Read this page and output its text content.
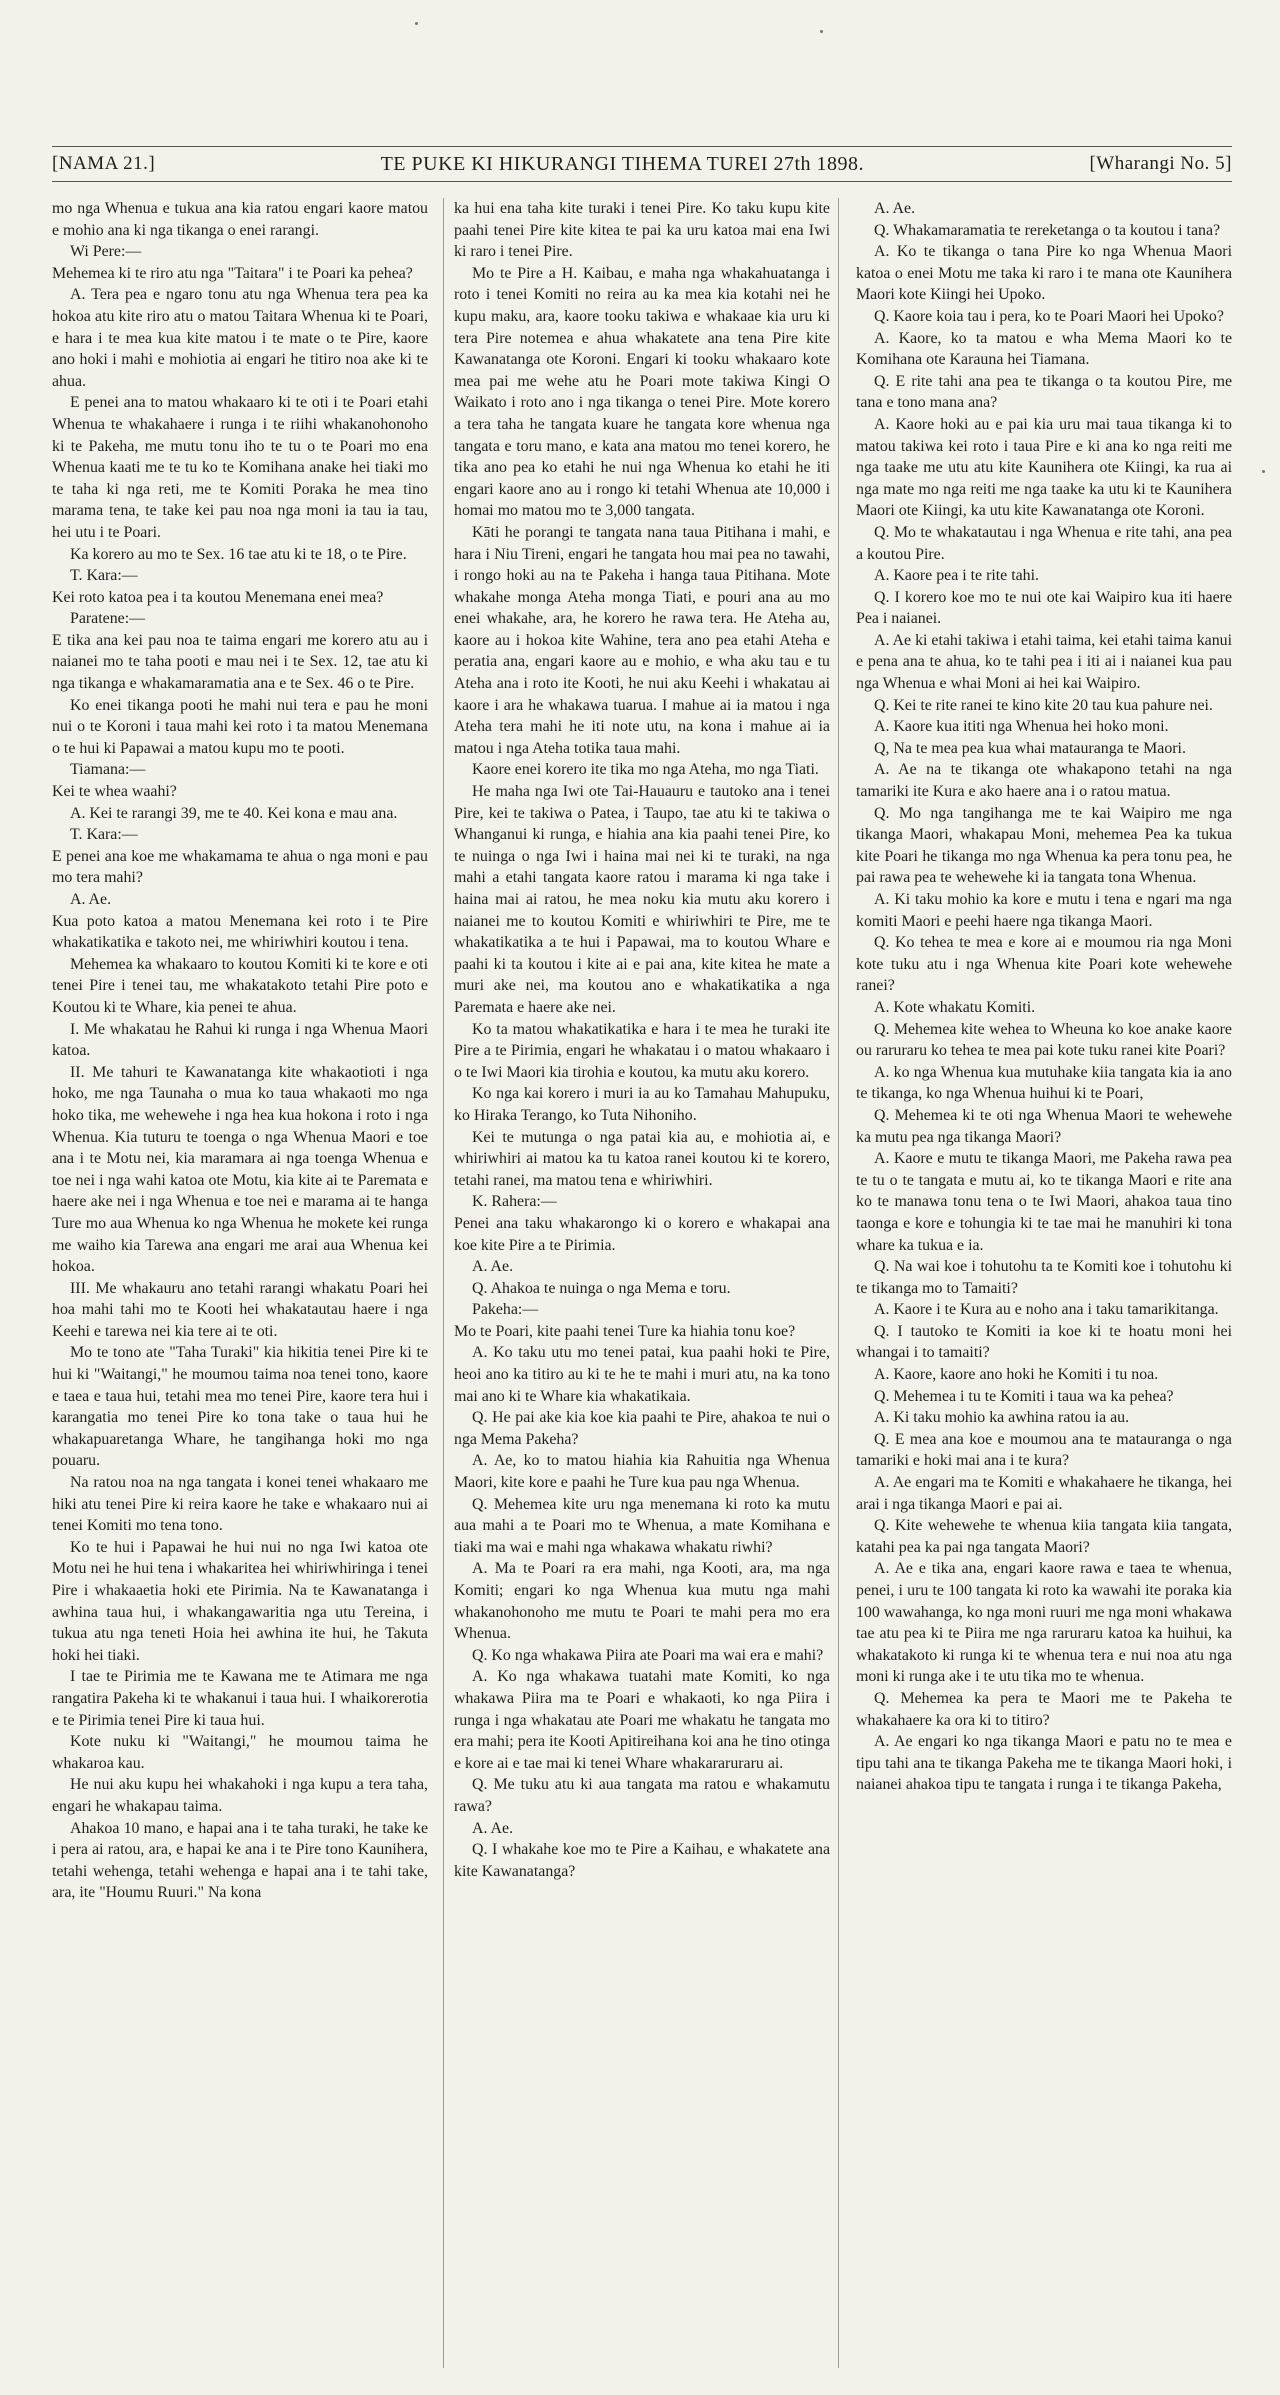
[NAMA 21.]	TE PUKE KI HIKURANGI TIHEMA TUREI 27th 1898.	[Wharangi No. 5]

mo nga Whenua e tukua ana kia ratou engari kaore matou e mohio ana ki nga tikanga o enei rarangi.

Wi Pere:—

Mehemea ki te riro atu nga "Taitara" i te Poari ka pehea?

A. Tera pea e ngaro tonu atu nga Whenua tera pea ka hokoa atu kite riro atu o matou Taitara Whenua ki te Poari, e hara i te mea kua kite matou i te mate o te Pire, kaore ano hoki i mahi e mohiotia ai engari he titiro noa ake ki te ahua.

E penei ana to matou whakaaro ki te oti i te Poari etahi Whenua te whakahaere i runga i te riihi whakanohonoho ki te Pakeha, me mutu tonu iho te tu o te Poari mo ena Whenua kaati me te tu ko te Komihana anake hei tiaki mo te taha ki nga reti, me te Komiti Poraka he mea tino marama tena, te take kei pau noa nga moni ia tau ia tau, hei utu i te Poari.

Ka korero au mo te Sex. 16 tae atu ki te 18, o te Pire.

T. Kara:—

Kei roto katoa pea i ta koutou Menemana enei mea?

Paratene:—

E tika ana kei pau noa te taima engari me korero atu au i naianei mo te taha pooti e mau nei i te Sex. 12, tae atu ki nga tikanga e whakamaramatia ana e te Sex. 46 o te Pire.

Ko enei tikanga pooti he mahi nui tera e pau he moni nui o te Koroni i taua mahi kei roto i ta matou Menemana o te hui ki Papawai a matou kupu mo te pooti.

Tiamana:—

Kei te whea waahi?

A. Kei te rarangi 39, me te 40. Kei kona e mau ana.

T. Kara:—

E penei ana koe me whakamama te ahua o nga moni e pau mo tera mahi?

A. Ae.

Kua poto katoa a matou Menemana kei roto i te Pire whakatikatika e takoto nei, me whiriwhiri koutou i tena.

Mehemea ka whakaaro to koutou Komiti ki te kore e oti tenei Pire i tenei tau, me whakatakoto tetahi Pire poto e Koutou ki te Whare, kia penei te ahua.

I. Me whakatau he Rahui ki runga i nga Whenua Maori katoa.

II. Me tahuri te Kawanatanga kite whakaotioti i nga hoko, me nga Taunaha o mua ko taua whakaoti mo nga hoko tika, me wehewehe i nga hea kua hokona i roto i nga Whenua. Kia tuturu te toenga o nga Whenua Maori e toe ana i te Motu nei, kia maramara ai nga toenga Whenua e toe nei i nga wahi katoa ote Motu, kia kite ai te Paremata e haere ake nei i nga Whenua e toe nei e marama ai te hanga Ture mo aua Whenua ko nga Whenua he mokete kei runga me waiho kia Tarewa ana engari me arai aua Whenua kei hokoa.

III. Me whakauru ano tetahi rarangi whakatu Poari hei hoa mahi tahi mo te Kooti hei whakatautau haere i nga Keehi e tarewa nei kia tere ai te oti.

Mo te tono ate "Taha Turaki" kia hikitia tenei Pire ki te hui ki "Waitangi," he moumou taima noa tenei tono, kaore e taea e taua hui, tetahi mea mo tenei Pire, kaore tera hui i karangatia mo tenei Pire ko tona take o taua hui he whakapuaretanga Whare, he tangihanga hoki mo nga pouaru.

Na ratou noa na nga tangata i konei tenei whakaaro me hiki atu tenei Pire ki reira kaore he take e whakaaro nui ai tenei Komiti mo tena tono.

Ko te hui i Papawai he hui nui no nga Iwi katoa ote Motu nei he hui tena i whakaritea hei whiriwhiringa i tenei Pire i whakaaetia hoki ete Pirimia. Na te Kawanatanga i awhina taua hui, i whakangawaritia nga utu Tereina, i tukua atu nga teneti Hoia hei awhina ite hui, he Takuta hoki hei tiaki.

I tae te Pirimia me te Kawana me te Atimara me nga rangatira Pakeha ki te whakanui i taua hui. I whaikorerotia e te Pirimia tenei Pire ki taua hui.

Kote nuku ki "Waitangi," he moumou taima he whakaroa kau.

He nui aku kupu hei whakahoki i nga kupu a tera taha, engari he whakapau taima.

Ahakoa 10 mano, e hapai ana i te taha turaki, he take ke i pera ai ratou, ara, e hapai ke ana i te Pire tono Kaunihera, tetahi wehenga, tetahi wehenga e hapai ana i te tahi take, ara, ite "Houmu Ruuri." Na kona

ka hui ena taha kite turaki i tenei Pire. Ko taku kupu kite paahi tenei Pire kite kitea te pai ka uru katoa mai ena Iwi ki raro i tenei Pire.

Mo te Pire a H. Kaibau, e maha nga whakahuatanga i roto i tenei Komiti no reira au ka mea kia kotahi nei he kupu maku, ara, kaore tooku takiwa e whakaae kia uru ki tera Pire notemea e ahua whakatete ana tena Pire kite Kawanatanga ote Koroni. Engari ki tooku whakaaro kote mea pai me wehe atu he Poari mote takiwa Kingi O Waikato i roto ano i nga tikanga o tenei Pire. Mote korero a tera taha he tangata kuare he tangata kore whenua nga tangata e toru mano, e kata ana matou mo tenei korero, he tika ano pea ko etahi he nui nga Whenua ko etahi he iti engari kaore ano au i rongo ki tetahi Whenua ate 10,000 i homai mo matou mo te 3,000 tangata.

Kāti he porangi te tangata nana taua Pitihana i mahi, e hara i Niu Tireni, engari he tangata hou mai pea no tawahi, i rongo hoki au na te Pakeha i hanga taua Pitihana. Mote whakahe monga Ateha monga Tiati, e pouri ana au mo enei whakahe, ara, he korero he rawa tera. He Ateha au, kaore au i hokoa kite Wahine, tera ano pea etahi Ateha e peratia ana, engari kaore au e mohio, e wha aku tau e tu Ateha ana i roto ite Kooti, he nui aku Keehi i whakatau ai kaore i ara he whakawa tuarua. I mahue ai ia matou i nga Ateha tera mahi he iti note utu, na kona i mahue ai ia matou i nga Ateha totika taua mahi.

Kaore enei korero ite tika mo nga Ateha, mo nga Tiati.

He maha nga Iwi ote Tai-Hauauru e tautoko ana i tenei Pire, kei te takiwa o Patea, i Taupo, tae atu ki te takiwa o Whanganui ki runga, e hiahia ana kia paahi tenei Pire, ko te nuinga o nga Iwi i haina mai nei ki te turaki, na nga mahi a etahi tangata kaore ratou i marama ki nga take i haina mai ai ratou, he mea noku kia mutu aku korero i naianei me to koutou Komiti e whiriwhiri te Pire, me te whakatikatika a te hui i Papawai, ma to koutou Whare e paahi ki ta koutou i kite ai e pai ana, kite kitea he mate a muri ake nei, ma koutou ano e whakatikatika a nga Paremata e haere ake nei.

Ko ta matou whakatikatika e hara i te mea he turaki ite Pire a te Pirimia, engari he whakatau i o matou whakaaro i o te Iwi Maori kia tirohia e koutou, ka mutu aku korero.

Ko nga kai korero i muri ia au ko Tamahau Mahupuku, ko Hiraka Terango, ko Tuta Nihoniho.

Kei te mutunga o nga patai kia au, e mohiotia ai, e whiriwhiri ai matou ka tu katoa ranei koutou ki te korero, tetahi ranei, ma matou tena e whiriwhiri.

K. Rahera:—

Penei ana taku whakarongo ki o korero e whakapai ana koe kite Pire a te Pirimia.

A. Ae.

Q. Ahakoa te nuinga o nga Mema e toru.

Pakeha:—

Mo te Poari, kite paahi tenei Ture ka hiahia tonu koe?

A. Ko taku utu mo tenei patai, kua paahi hoki te Pire, heoi ano ka titiro au ki te he te mahi i muri atu, na ka tono mai ano ki te Whare kia whakatikaia.

Q. He pai ake kia koe kia paahi te Pire, ahakoa te nui o nga Mema Pakeha?

A. Ae, ko to matou hiahia kia Rahuitia nga Whenua Maori, kite kore e paahi he Ture kua pau nga Whenua.

Q. Mehemea kite uru nga menemana ki roto ka mutu aua mahi a te Poari mo te Whenua, a mate Komihana e tiaki ma wai e mahi nga whakawa whakatu riwhi?

A. Ma te Poari ra era mahi, nga Kooti, ara, ma nga Komiti; engari ko nga Whenua kua mutu nga mahi whakanohonoho me mutu te Poari te mahi pera mo era Whenua.

Q. Ko nga whakawa Piira ate Poari ma wai era e mahi?

A. Ko nga whakawa tuatahi mate Komiti, ko nga whakawa Piira ma te Poari e whakaoti, ko nga Piira i runga i nga whakatau ate Poari me whakatu he tangata mo era mahi; pera ite Kooti Apitireihana koi ana he tino otinga e kore ai e tae mai ki tenei Whare whakararuraru ai.

Q. Me tuku atu ki aua tangata ma ratou e whakamutu rawa?

A. Ae.

Q. I whakahe koe mo te Pire a Kaihau, e whakatete ana kite Kawanatanga?

A. Ae.

Q. Whakamaramatia te rereketanga o ta koutou i tana?

A. Ko te tikanga o tana Pire ko nga Whenua Maori katoa o enei Motu me taka ki raro i te mana ote Kaunihera Maori kote Kiingi hei Upoko.

Q. Kaore koia tau i pera, ko te Poari Maori hei Upoko?

A. Kaore, ko ta matou e wha Mema Maori ko te Komihana ote Karauna hei Tiamana.

Q. E rite tahi ana pea te tikanga o ta koutou Pire, me tana e tono mana ana?

A. Kaore hoki au e pai kia uru mai taua tikanga ki to matou takiwa kei roto i taua Pire e ki ana ko nga reiti me nga taake me utu atu kite Kaunihera ote Kiingi, ka rua ai nga mate mo nga reiti me nga taake ka utu ki te Kaunihera Maori ote Kiingi, ka utu kite Kawanatanga ote Koroni.

Q. Mo te whakatautau i nga Whenua e rite tahi, ana pea a koutou Pire.

A. Kaore pea i te rite tahi.

Q. I korero koe mo te nui ote kai Waipiro kua iti haere Pea i naianei.

A. Ae ki etahi takiwa i etahi taima, kei etahi taima kanui e pena ana te ahua, ko te tahi pea i iti ai i naianei kua pau nga Whenua e whai Moni ai hei kai Waipiro.

Q. Kei te rite ranei te kino kite 20 tau kua pahure nei.

A. Kaore kua ititi nga Whenua hei hoko moni.

Q, Na te mea pea kua whai matauranga te Maori.

A. Ae na te tikanga ote whakapono tetahi na nga tamariki ite Kura e ako haere ana i o ratou matua.

Q. Mo nga tangihanga me te kai Waipiro me nga tikanga Maori, whakapau Moni, mehemea Pea ka tukua kite Poari he tikanga mo nga Whenua ka pera tonu pea, he pai rawa pea te wehewehe ki ia tangata tona Whenua.

A. Ki taku mohio ka kore e mutu i tena e ngari ma nga komiti Maori e peehi haere nga tikanga Maori.

Q. Ko tehea te mea e kore ai e moumou ria nga Moni kote tuku atu i nga Whenua kite Poari kote wehewehe ranei?

A. Kote whakatu Komiti.

Q. Mehemea kite wehea to Wheuna ko koe anake kaore ou raruraru ko tehea te mea pai kote tuku ranei kite Poari?

A. ko nga Whenua kua mutuhake kiia tangata kia ia ano te tikanga, ko nga Whenua huihui ki te Poari,

Q. Mehemea ki te oti nga Whenua Maori te wehewehe ka mutu pea nga tikanga Maori?

A. Kaore e mutu te tikanga Maori, me Pakeha rawa pea te tu o te tangata e mutu ai, ko te tikanga Maori e rite ana ko te manawa tonu tena o te Iwi Maori, ahakoa taua tino taonga e kore e tohungia ki te tae mai he manuhiri ki tona whare ka tukua e ia.

Q. Na wai koe i tohutohu ta te Komiti koe i tohutohu ki te tikanga mo to Tamaiti?

A. Kaore i te Kura au e noho ana i taku tamarikitanga.

Q. I tautoko te Komiti ia koe ki te hoatu moni hei whangai i to tamaiti?

A. Kaore, kaore ano hoki he Komiti i tu noa.

Q. Mehemea i tu te Komiti i taua wa ka pehea?

A. Ki taku mohio ka awhina ratou ia au.

Q. E mea ana koe e moumou ana te matauranga o nga tamariki e hoki mai ana i te kura?

A. Ae engari ma te Komiti e whakahaere he tikanga, hei arai i nga tikanga Maori e pai ai.

Q. Kite wehewehe te whenua kiia tangata kiia tangata, katahi pea ka pai nga tangata Maori?

A. Ae e tika ana, engari kaore rawa e taea te whenua, penei, i uru te 100 tangata ki roto ka wawahi ite poraka kia 100 wawahanga, ko nga moni ruuri me nga moni whakawa tae atu pea ki te Piira me nga raruraru katoa ka huihui, ka whakatakoto ki runga ki te whenua tera e nui noa atu nga moni ki runga ake i te utu tika mo te whenua.

Q. Mehemea ka pera te Maori me te Pakeha te whakahaere ka ora ki to titiro?

A. Ae engari ko nga tikanga Maori e patu no te mea e tipu tahi ana te tikanga Pakeha me te tikanga Maori hoki, i naianei ahakoa tipu te tangata i runga i te tikanga Pakeha,
